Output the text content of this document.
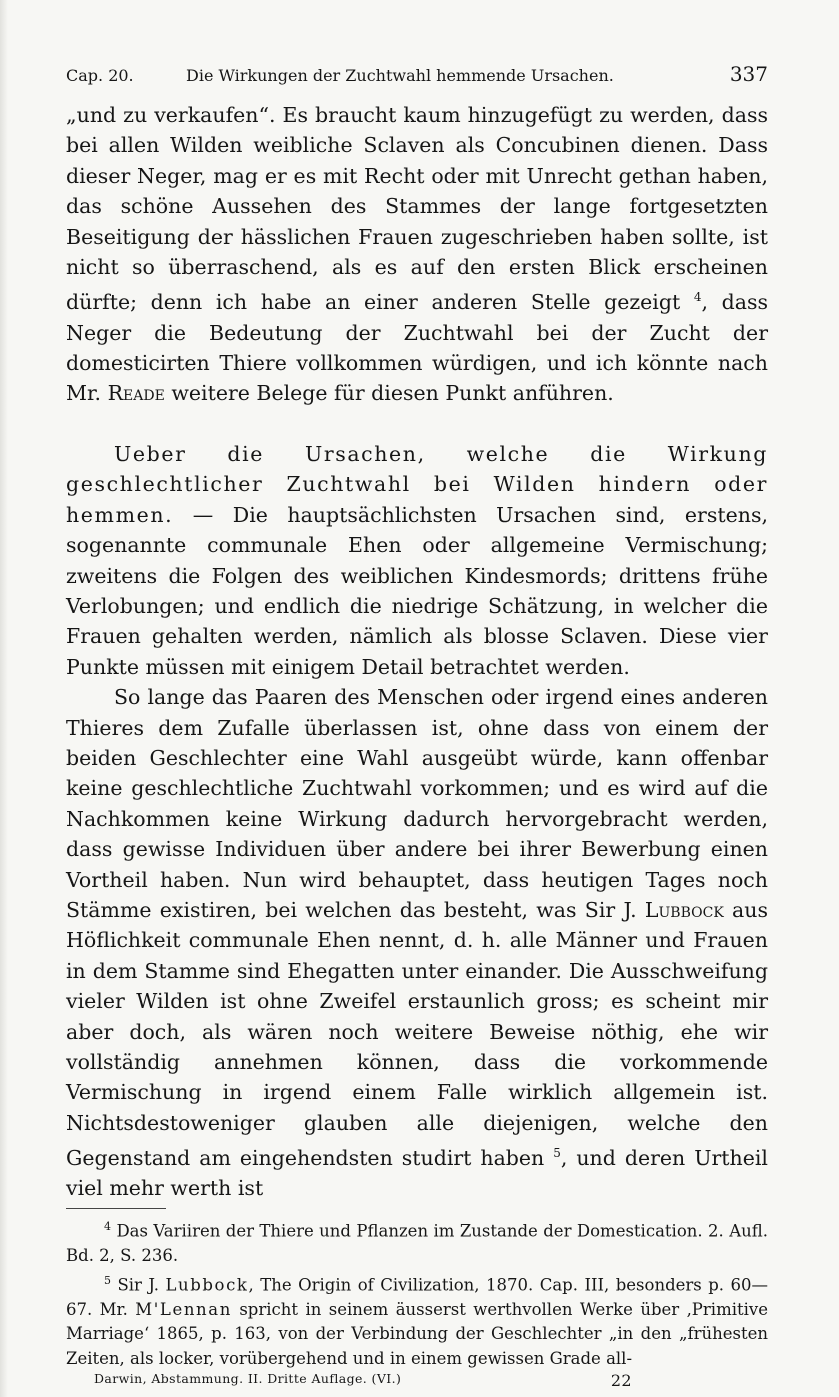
Cap. 20.	Die Wirkungen der Zuchtwahl hemmende Ursachen.	337

„und zu verkaufen“. Es braucht kaum hinzugefügt zu werden, dass bei allen Wilden weibliche Sclaven als Concubinen dienen. Dass dieser Neger, mag er es mit Recht oder mit Unrecht gethan haben, das schöne Aussehen des Stammes der lange fortgesetzten Beseitigung der hässlichen Frauen zugeschrieben haben sollte, ist nicht so überraschend, als es auf den ersten Blick erscheinen dürfte; denn ich habe an einer anderen Stelle gezeigt $^4$, dass Neger die Bedeutung der Zuchtwahl bei der Zucht der domesticirten Thiere vollkommen würdigen, und ich könnte nach Mr. Reade weitere Belege für diesen Punkt anführen.

Ueber die Ursachen, welche die Wirkung geschlechtlicher Zuchtwahl bei Wilden hindern oder hemmen. — Die hauptsächlichsten Ursachen sind, erstens, sogenannte communale Ehen oder allgemeine Vermischung; zweitens die Folgen des weiblichen Kindesmords; drittens frühe Verlobungen; und endlich die niedrige Schätzung, in welcher die Frauen gehalten werden, nämlich als blosse Sclaven. Diese vier Punkte müssen mit einigem Detail betrachtet werden.

So lange das Paaren des Menschen oder irgend eines anderen Thieres dem Zufalle überlassen ist, ohne dass von einem der beiden Geschlechter eine Wahl ausgeübt würde, kann offenbar keine geschlechtliche Zuchtwahl vorkommen; und es wird auf die Nachkommen keine Wirkung dadurch hervorgebracht werden, dass gewisse Individuen über andere bei ihrer Bewerbung einen Vortheil haben. Nun wird behauptet, dass heutigen Tages noch Stämme existiren, bei welchen das besteht, was Sir J. Lubbock aus Höflichkeit communale Ehen nennt, d. h. alle Männer und Frauen in dem Stamme sind Ehegatten unter einander. Die Ausschweifung vieler Wilden ist ohne Zweifel erstaunlich gross; es scheint mir aber doch, als wären noch weitere Beweise nöthig, ehe wir vollständig annehmen können, dass die vorkommende Vermischung in irgend einem Falle wirklich allgemein ist. Nichtsdestoweniger glauben alle diejenigen, welche den Gegenstand am eingehendsten studirt haben $^5$, und deren Urtheil viel mehr werth ist

$^4$ Das Variiren der Thiere und Pflanzen im Zustande der Domestication. 2. Aufl. Bd. 2, S. 236.

$^5$ Sir J. Lubbock, The Origin of Civilization, 1870. Cap. III, besonders p. 60—67. Mr. M'Lennan spricht in seinem äusserst werthvollen Werke über ‚Primitive Marriage‘ 1865, p. 163, von der Verbindung der Geschlechter „in den „frühesten Zeiten, als locker, vorübergehend und in einem gewissen Grade all-

Darwin, Abstammung. II. Dritte Auflage. (VI.)	22
